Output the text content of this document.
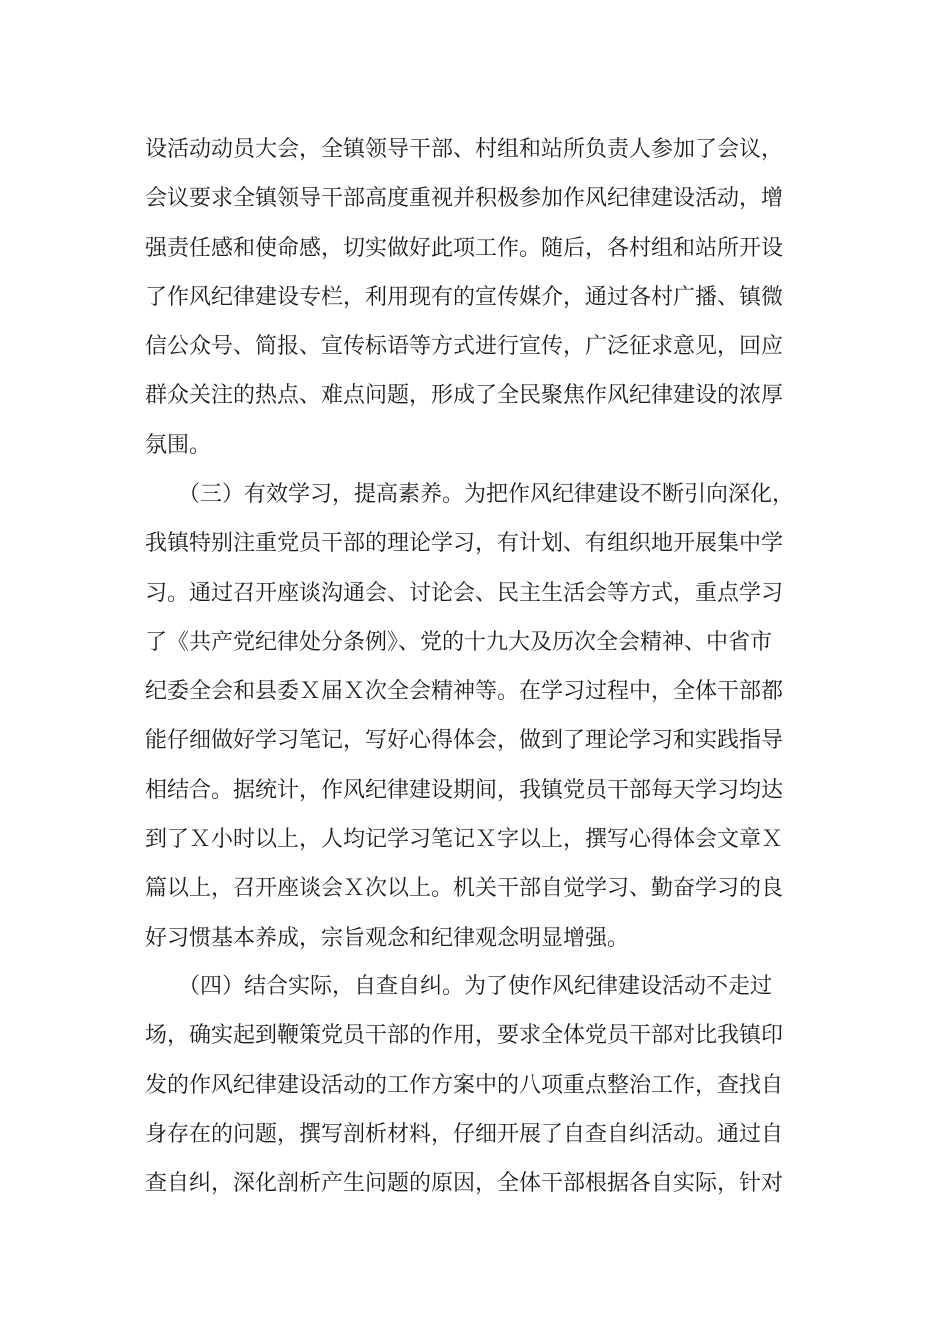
设活动动员大会，全镇领导干部、村组和站所负责人参加了会议，
会议要求全镇领导干部高度重视并积极参加作风纪律建设活动，增
强责任感和使命感，切实做好此项工作。随后，各村组和站所开设
了作风纪律建设专栏，利用现有的宣传媒介，通过各村广播、镇微
信公众号、简报、宣传标语等方式进行宣传，广泛征求意见，回应
群众关注的热点、难点问题，形成了全民聚焦作风纪律建设的浓厚
氛围。

　　（三）有效学习，提高素养。为把作风纪律建设不断引向深化，
我镇特别注重党员干部的理论学习，有计划、有组织地开展集中学
习。通过召开座谈沟通会、讨论会、民主生活会等方式，重点学习
了《共产党纪律处分条例》、党的十九大及历次全会精神、中省市
纪委全会和县委Ｘ届Ｘ次全会精神等。在学习过程中，全体干部都
能仔细做好学习笔记，写好心得体会，做到了理论学习和实践指导
相结合。据统计，作风纪律建设期间，我镇党员干部每天学习均达
到了Ｘ小时以上，人均记学习笔记Ｘ字以上，撰写心得体会文章Ｘ
篇以上，召开座谈会Ｘ次以上。机关干部自觉学习、勤奋学习的良
好习惯基本养成，宗旨观念和纪律观念明显增强。

　　（四）结合实际，自查自纠。为了使作风纪律建设活动不走过
场，确实起到鞭策党员干部的作用，要求全体党员干部对比我镇印
发的作风纪律建设活动的工作方案中的八项重点整治工作，查找自
身存在的问题，撰写剖析材料，仔细开展了自查自纠活动。通过自
查自纠，深化剖析产生问题的原因，全体干部根据各自实际，针对
